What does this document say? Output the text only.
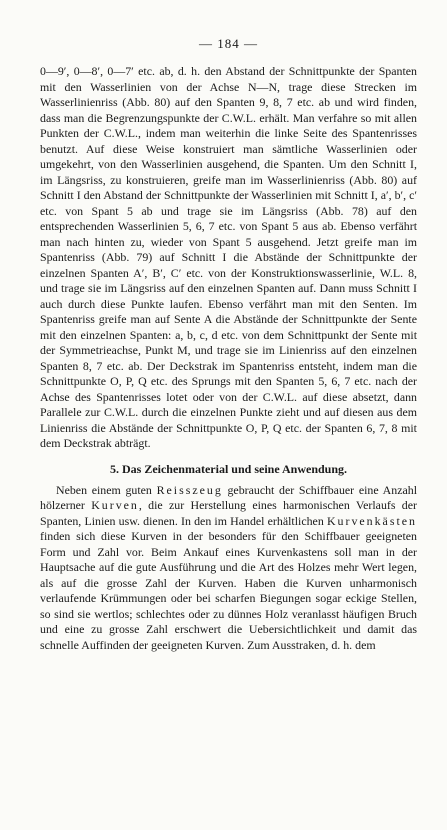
— 184 —

0—9′, 0—8′, 0—7′ etc. ab, d. h. den Abstand der Schnittpunkte der Spanten mit den Wasserlinien von der Achse N—N, trage diese Strecken im Wasserlinienriss (Abb. 80) auf den Spanten 9, 8, 7 etc. ab und wird finden, dass man die Begrenzungspunkte der C.W.L. erhält. Man verfahre so mit allen Punkten der C.W.L., indem man weiterhin die linke Seite des Spantenrisses benutzt. Auf diese Weise konstruiert man sämtliche Wasserlinien oder umgekehrt, von den Wasserlinien ausgehend, die Spanten. Um den Schnitt I, im Längsriss, zu konstruieren, greife man im Wasserlinienriss (Abb. 80) auf Schnitt I den Abstand der Schnittpunkte der Wasserlinien mit Schnitt I, a′, b′, c′ etc. von Spant 5 ab und trage sie im Längsriss (Abb. 78) auf den entsprechenden Wasserlinien 5, 6, 7 etc. von Spant 5 aus ab. Ebenso verfährt man nach hinten zu, wieder von Spant 5 ausgehend. Jetzt greife man im Spantenriss (Abb. 79) auf Schnitt I die Abstände der Schnittpunkte der einzelnen Spanten A′, B′, C′ etc. von der Konstruktionswasserlinie, W.L. 8, und trage sie im Längsriss auf den einzelnen Spanten auf. Dann muss Schnitt I auch durch diese Punkte laufen. Ebenso verfährt man mit den Senten. Im Spantenriss greife man auf Sente A die Abstände der Schnittpunkte der Sente mit den einzelnen Spanten: a, b, c, d etc. von dem Schnittpunkt der Sente mit der Symmetrieachse, Punkt M, und trage sie im Linienriss auf den einzelnen Spanten 8, 7 etc. ab. Der Deckstrak im Spantenriss entsteht, indem man die Schnittpunkte O, P, Q etc. des Sprungs mit den Spanten 5, 6, 7 etc. nach der Achse des Spantenrisses lotet oder von der C.W.L. auf diese absetzt, dann Parallele zur C.W.L. durch die einzelnen Punkte zieht und auf diesen aus dem Linienriss die Abstände der Schnittpunkte O, P, Q etc. der Spanten 6, 7, 8 mit dem Deckstrak abträgt.

5. Das Zeichenmaterial und seine Anwendung.

Neben einem guten Reisszeug gebraucht der Schiffbauer eine Anzahl hölzerner Kurven, die zur Herstellung eines harmonischen Verlaufs der Spanten, Linien usw. dienen. In den im Handel erhältlichen Kurvenkästen finden sich diese Kurven in der besonders für den Schiffbauer geeigneten Form und Zahl vor. Beim Ankauf eines Kurvenkastens soll man in der Hauptsache auf die gute Ausführung und die Art des Holzes mehr Wert legen, als auf die grosse Zahl der Kurven. Haben die Kurven unharmonisch verlaufende Krümmungen oder bei scharfen Biegungen sogar eckige Stellen, so sind sie wertlos; schlechtes oder zu dünnes Holz veranlasst häufigen Bruch und eine zu grosse Zahl erschwert die Uebersichtlichkeit und damit das schnelle Auffinden der geeigneten Kurven. Zum Ausstraken, d. h. dem
